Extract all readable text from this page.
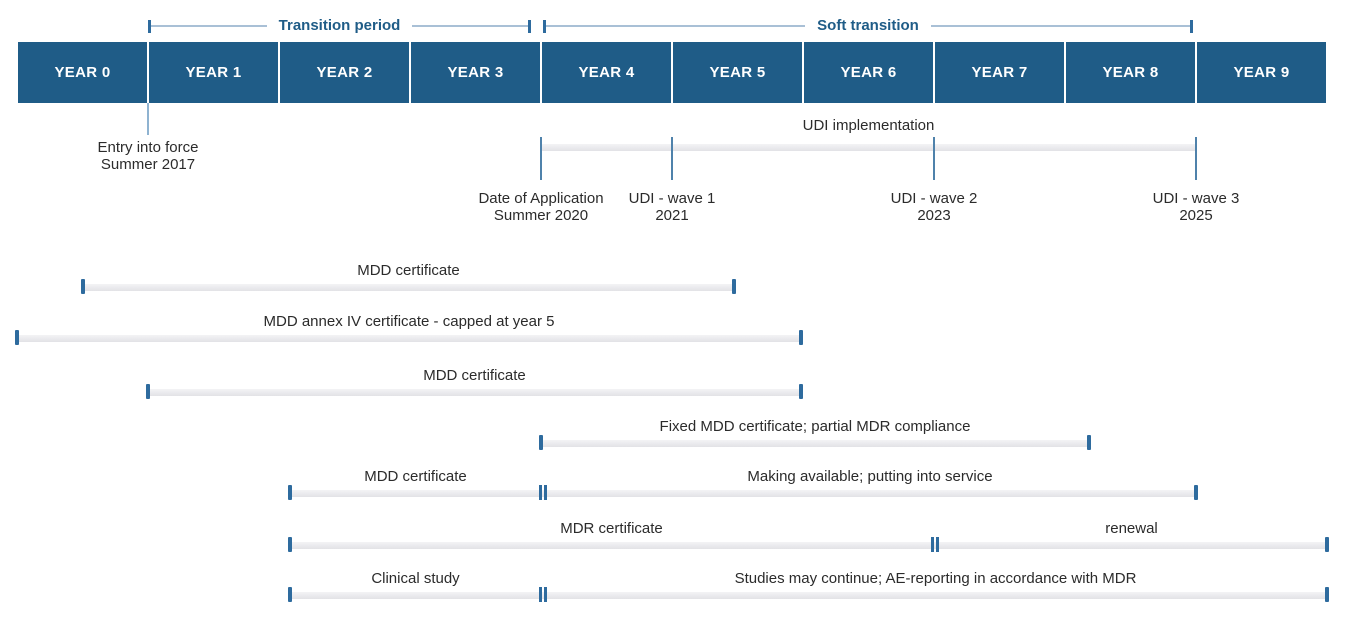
Transition period	Soft transition
YEAR 0	YEAR 1	YEAR 2	YEAR 3	YEAR 4	YEAR 5	YEAR 6	YEAR 7	YEAR 8	YEAR 9
Entry into force
Summer 2017
UDI implementation
Date of Application
Summer 2020
UDI - wave 1
2021
UDI - wave 2
2023
UDI - wave 3
2025
MDD certificate
MDD annex IV certificate - capped at year 5
MDD certificate
Fixed MDD certificate; partial MDR compliance
MDD certificate	Making available; putting into service
MDR certificate	renewal
Clinical study	Studies may continue; AE-reporting in accordance with MDR
